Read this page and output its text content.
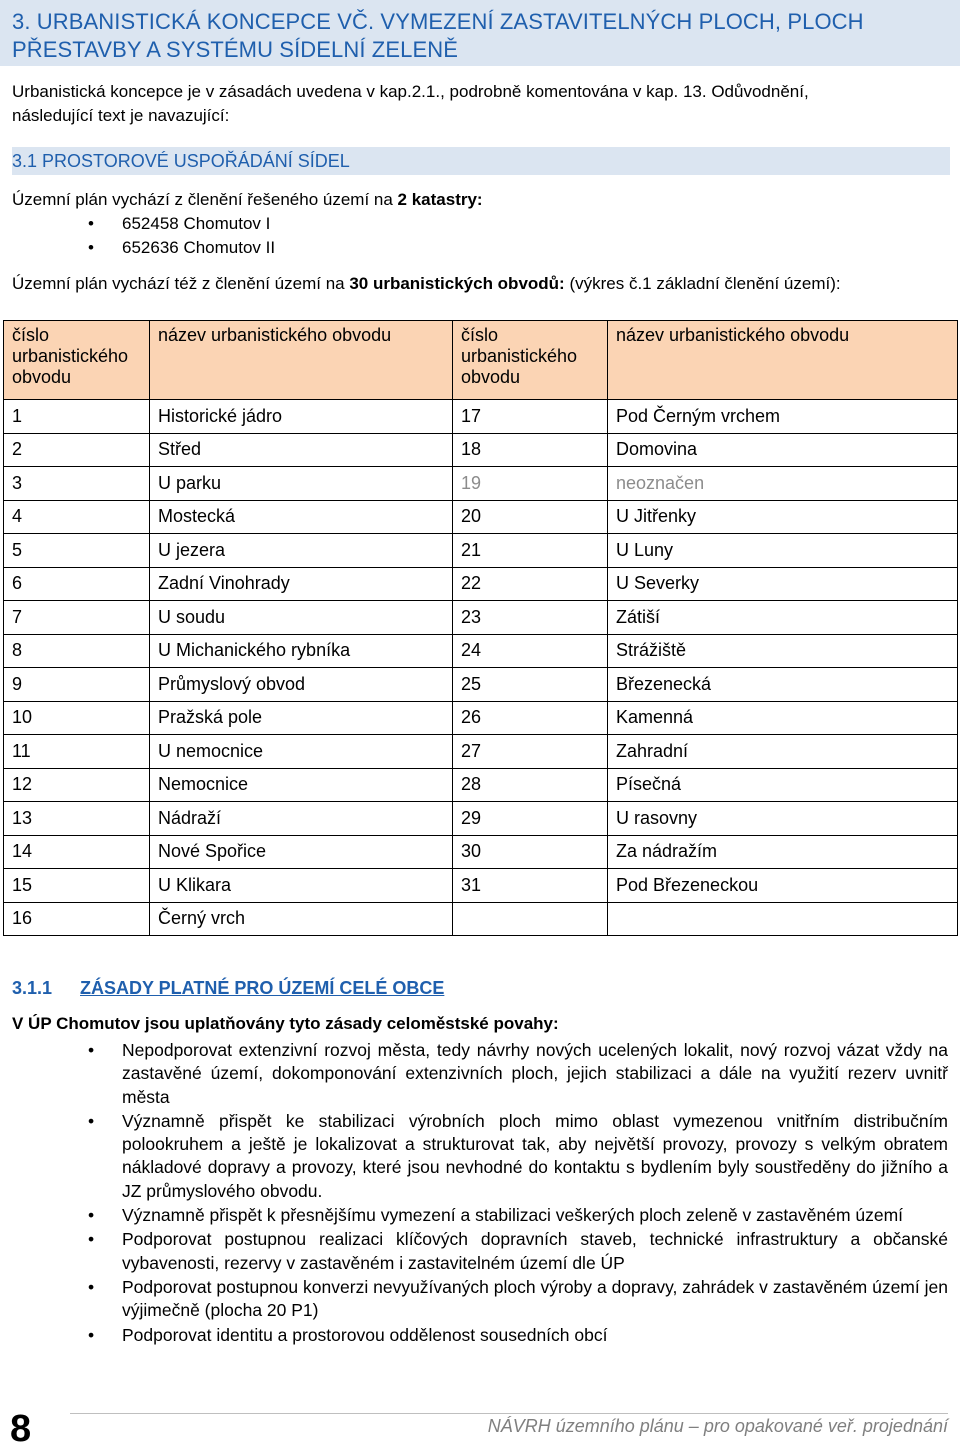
3. URBANISTICKÁ KONCEPCE VČ. VYMEZENÍ ZASTAVITELNÝCH PLOCH, PLOCH PŘESTAVBY A SYSTÉMU SÍDELNÍ ZELENĚ
Urbanistická koncepce je v zásadách uvedena v kap.2.1., podrobně komentována v kap. 13. Odůvodnění,
následující text je navazující:
3.1 PROSTOROVÉ USPOŘÁDÁNÍ SÍDEL
Územní plán vychází z členění řešeného území na 2 katastry:
• 652458 Chomutov I
• 652636 Chomutov II
Územní plán vychází též z členění území na 30 urbanistických obvodů: (výkres č.1 základní členění území):
číslo urbanistického obvodu	název urbanistického obvodu	číslo urbanistického obvodu	název urbanistického obvodu
1	Historické jádro	17	Pod Černým vrchem
2	Střed	18	Domovina
3	U parku	19	neoznačen
4	Mostecká	20	U Jitřenky
5	U jezera	21	U Luny
6	Zadní Vinohrady	22	U Severky
7	U soudu	23	Zátiší
8	U Michanického rybníka	24	Strážiště
9	Průmyslový obvod	25	Březenecká
10	Pražská pole	26	Kamenná
11	U nemocnice	27	Zahradní
12	Nemocnice	28	Písečná
13	Nádraží	29	U rasovny
14	Nové Spořice	30	Za nádražím
15	U Klikara	31	Pod Březeneckou
16	Černý vrch		
3.1.1 ZÁSADY PLATNÉ PRO ÚZEMÍ CELÉ OBCE
V ÚP Chomutov jsou uplatňovány tyto zásady celoměstské povahy:
• Nepodporovat extenzivní rozvoj města, tedy návrhy nových ucelených lokalit, nový rozvoj vázat vždy na zastavěné území, dokomponování extenzivních ploch, jejich stabilizaci a dále na využití rezerv uvnitř města
• Významně přispět ke stabilizaci výrobních ploch mimo oblast vymezenou vnitřním distribučním polookruhem a ještě je lokalizovat a strukturovat tak, aby největší provozy, provozy s velkým obratem nákladové dopravy a provozy, které jsou nevhodné do kontaktu s bydlením byly soustředěny do jižního a JZ průmyslového obvodu.
• Významně přispět k přesnějšímu vymezení a stabilizaci veškerých ploch zeleně v zastavěném území
• Podporovat postupnou realizaci klíčových dopravních staveb, technické infrastruktury a občanské vybavenosti, rezervy v zastavěném i zastavitelném území dle ÚP
• Podporovat postupnou konverzi nevyužívaných ploch výroby a dopravy, zahrádek v zastavěném území jen výjimečně (plocha 20 P1)
• Podporovat identitu a prostorovou oddělenost sousedních obcí
8	NÁVRH územního plánu – pro opakované veř. projednání
